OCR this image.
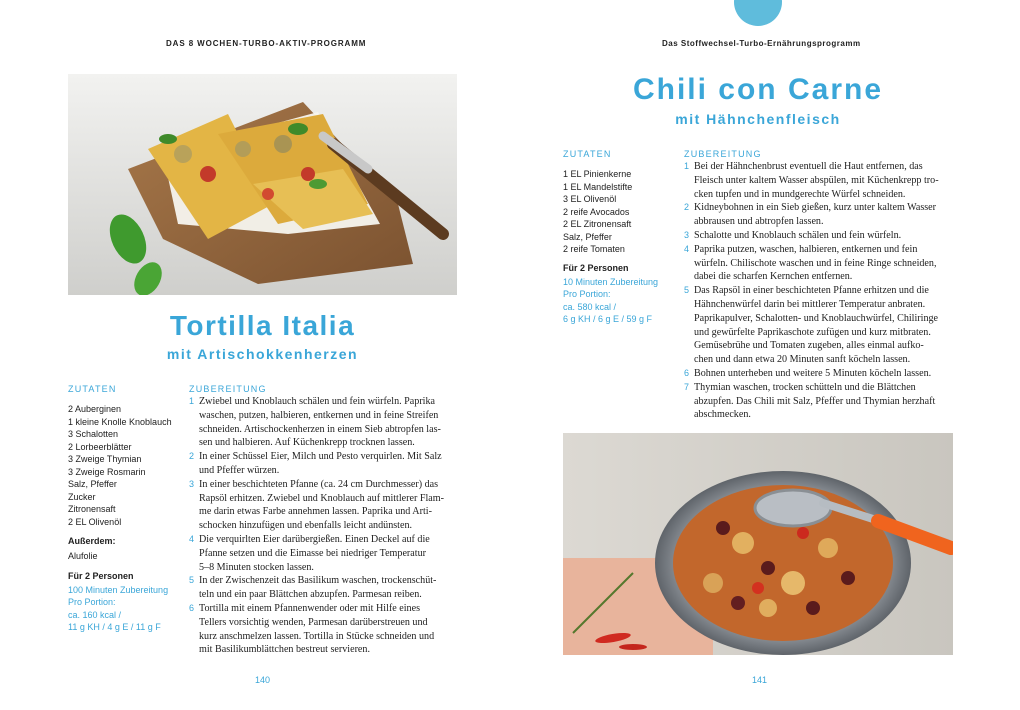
DAS 8 WOCHEN-TURBO-AKTIV-PROGRAMM
Tortilla Italia
mit Artischokkenherzen
ZUTATEN
2 Auberginen
1 kleine Knolle Knoblauch
3 Schalotten
2 Lorbeerblätter
3 Zweige Thymian
3 Zweige Rosmarin
Salz, Pfeffer
Zucker
Zitronensaft
2 EL Olivenöl
Außerdem:
Alufolie
Für 2 Personen
100 Minuten Zubereitung
Pro Portion:
ca. 160 kcal /
11 g KH / 4 g E / 11 g F
ZUBEREITUNG
1 Zwiebel und Knoblauch schälen und fein würfeln. Paprika
waschen, putzen, halbieren, entkernen und in feine Streifen
schneiden. Artischockenherzen in einem Sieb abtropfen las-
sen und halbieren. Auf Küchenkrepp trocknen lassen.
2 In einer Schüssel Eier, Milch und Pesto verquirlen. Mit Salz
und Pfeffer würzen.
3 In einer beschichteten Pfanne (ca. 24 cm Durchmesser) das
Rapsöl erhitzen. Zwiebel und Knoblauch auf mittlerer Flam-
me darin etwas Farbe annehmen lassen. Paprika und Arti-
schocken hinzufügen und ebenfalls leicht andünsten.
4 Die verquirlten Eier darübergießen. Einen Deckel auf die
Pfanne setzen und die Eimasse bei niedriger Temperatur
5–8 Minuten stocken lassen.
5 In der Zwischenzeit das Basilikum waschen, trockenschüt-
teln und ein paar Blättchen abzupfen. Parmesan reiben.
6 Tortilla mit einem Pfannenwender oder mit Hilfe eines
Tellers vorsichtig wenden, Parmesan darüberstreuen und
kurz anschmelzen lassen. Tortilla in Stücke schneiden und
mit Basilikumblättchen bestreut servieren.
140
Das Stoffwechsel-Turbo-Ernährungsprogramm
Chili con Carne
mit Hähnchenfleisch
ZUTATEN
1 EL Pinienkerne
1 EL Mandelstifte
3 EL Olivenöl
2 reife Avocados
2 EL Zitronensaft
Salz, Pfeffer
2 reife Tomaten
Für 2 Personen
10 Minuten Zubereitung
Pro Portion:
ca. 580 kcal /
6 g KH / 6 g E / 59 g F
ZUBEREITUNG
1 Bei der Hähnchenbrust eventuell die Haut entfernen, das
Fleisch unter kaltem Wasser abspülen, mit Küchenkrepp tro-
cken tupfen und in mundgerechte Würfel schneiden.
2 Kidneybohnen in ein Sieb gießen, kurz unter kaltem Wasser
abbrausen und abtropfen lassen.
3 Schalotte und Knoblauch schälen und fein würfeln.
4 Paprika putzen, waschen, halbieren, entkernen und fein
würfeln. Chilischote waschen und in feine Ringe schneiden,
dabei die scharfen Kernchen entfernen.
5 Das Rapsöl in einer beschichteten Pfanne erhitzen und die
Hähnchenwürfel darin bei mittlerer Temperatur anbraten.
Paprikapulver, Schalotten- und Knoblauchwürfel, Chiliringe
und gewürfelte Paprikaschote zufügen und kurz mitbraten.
Gemüsebrühe und Tomaten zugeben, alles einmal aufko-
chen und dann etwa 20 Minuten sanft köcheln lassen.
6 Bohnen unterheben und weitere 5 Minuten köcheln lassen.
7 Thymian waschen, trocken schütteln und die Blättchen
abzupfen. Das Chili mit Salz, Pfeffer und Thymian herzhaft
abschmecken.
141
